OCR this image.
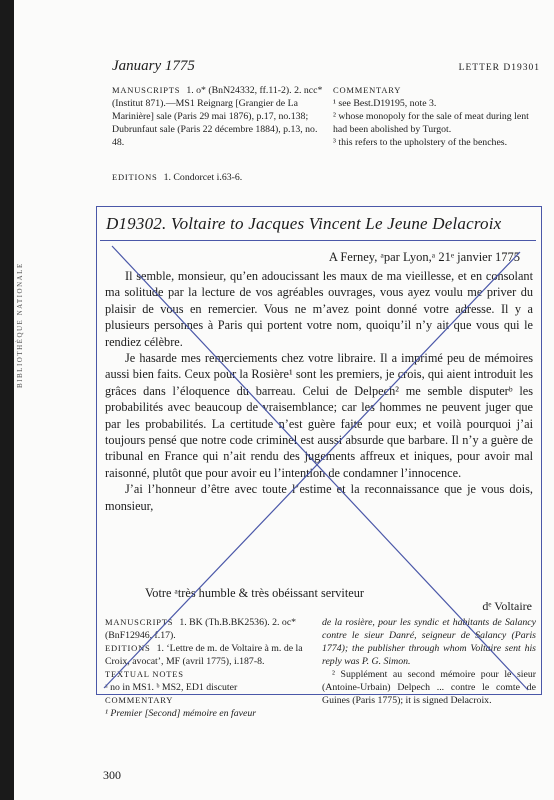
BIBLIOTHÈQUE NATIONALE
January 1775	LETTER D19301

MANUSCRIPTS 1. o* (BnN24332, ff.11-2). 2. ncc* (Institut 871).—MS1 Reignarg [Grangier de La Marinière] sale (Paris 29 mai 1876), p.17, no.138; Dubrunfaut sale (Paris 22 décembre 1884), p.13, no. 48.

COMMENTARY

¹ see Best.D19195, note 3.

² whose monopoly for the sale of meat during lent had been abolished by Turgot.

³ this refers to the upholstery of the benches.

EDITIONS 1. Condorcet i.63-6.
D19302. Voltaire to Jacques Vincent Le Jeune Delacroix
A Ferney, ᵃpar Lyon,ᵃ 21ᵉ janvier 1775

Il semble, monsieur, qu’en adoucissant les maux de ma vieillesse, et en consolant ma solitude par la lecture de vos agréables ouvrages, vous ayez voulu me priver du plaisir de vous en remercier. Vous ne m’avez point donné votre adresse. Il y a plusieurs personnes à Paris qui portent votre nom, quoiqu’il n’y ait que vous qui le rendiez célèbre.

Je hasarde mes remerciements chez votre libraire. Il a imprimé peu de mémoires aussi bien faits. Ceux pour la Rosière¹ sont les premiers, je crois, qui aient introduit les grâces dans l’éloquence du barreau. Celui de Delpech² me semble disputerᵇ les probabilités avec beaucoup de vraisemblance; car les hommes ne peuvent juger que par les probabilités. La certitude n’est guère faite pour eux; et voilà pourquoi j’ai toujours pensé que notre code criminel est aussi absurde que barbare. Il n’y a guère de tribunal en France qui n’ait rendu des jugements affreux et iniques, pour avoir mal raisonné, plutôt que pour avoir eu l’intention de condamner l’innocence.

J’ai l’honneur d’être avec toute l’estime et la reconnaissance que je vous dois, monsieur,

Votre ᵃtrès humble & très obéissant serviteur
dᵉ Voltaire

MANUSCRIPTS 1. BK (Th.B.BK2536). 2. oc* (BnF12946, f.17).

EDITIONS 1. ‘Lettre de m. de Voltaire à m. de la Croix, avocat’, MF (avril 1775), i.187-8.

TEXTUAL NOTES

ᵃ no in MS1. ᵇ MS2, ED1 discuter

COMMENTARY

¹ Premier [Second] mémoire en faveur

de la rosière, pour les syndic et habitants de Salancy contre le sieur Danré, seigneur de Salancy (Paris 1774); the publisher through whom Voltaire sent his reply was P. G. Simon.

² Supplément au second mémoire pour le sieur (Antoine-Urbain) Delpech ... contre le comte de Guines (Paris 1775); it is signed Delacroix.

300
